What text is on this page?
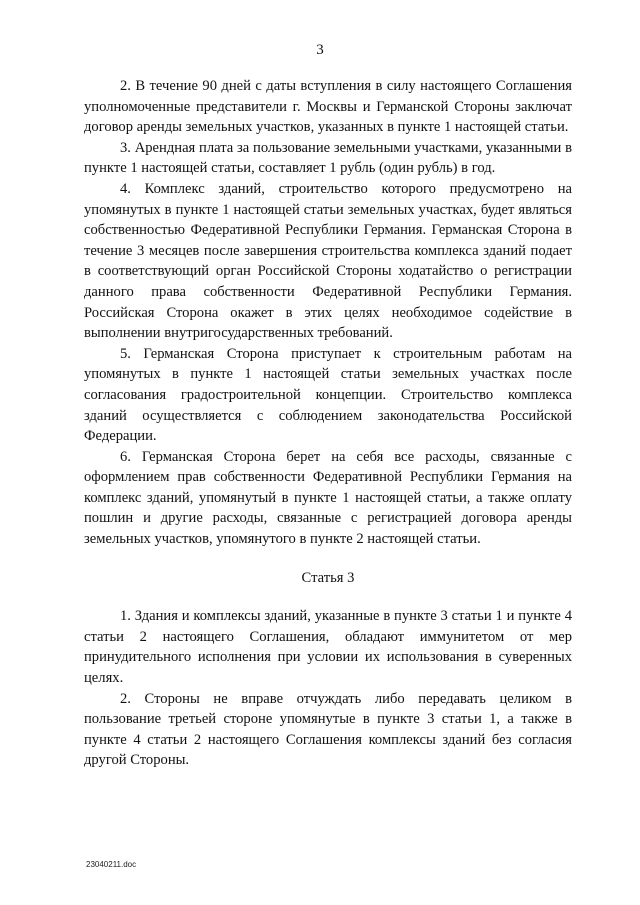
3

2. В течение 90 дней с даты вступления в силу настоящего Соглашения уполномоченные представители г. Москвы и Германской Стороны заключат договор аренды земельных участков, указанных в пункте 1 настоящей статьи.

3. Арендная плата за пользование земельными участками, указанными в пункте 1 настоящей статьи, составляет 1 рубль (один рубль) в год.

4. Комплекс зданий, строительство которого предусмотрено на упомянутых в пункте 1 настоящей статьи земельных участках, будет являться собственностью Федеративной Республики Германия. Германская Сторона в течение 3 месяцев после завершения строительства комплекса зданий подает в соответствующий орган Российской Стороны ходатайство о регистрации данного права собственности Федеративной Республики Германия. Российская Сторона окажет в этих целях необходимое содействие в выполнении внутригосударственных требований.

5. Германская Сторона приступает к строительным работам на упомянутых в пункте 1 настоящей статьи земельных участках после согласования градостроительной концепции. Строительство комплекса зданий осуществляется с соблюдением законодательства Российской Федерации.

6. Германская Сторона берет на себя все расходы, связанные с оформлением прав собственности Федеративной Республики Германия на комплекс зданий, упомянутый в пункте 1 настоящей статьи, а также оплату пошлин и другие расходы, связанные с регистрацией договора аренды земельных участков, упомянутого в пункте 2 настоящей статьи.

Статья 3

1. Здания и комплексы зданий, указанные в пункте 3 статьи 1 и пункте 4 статьи 2 настоящего Соглашения, обладают иммунитетом от мер принудительного исполнения при условии их использования в суверенных целях.

2. Стороны не вправе отчуждать либо передавать целиком в пользование третьей стороне упомянутые в пункте 3 статьи 1, а также в пункте 4 статьи 2 настоящего Соглашения комплексы зданий без согласия другой Стороны.

23040211.doc
